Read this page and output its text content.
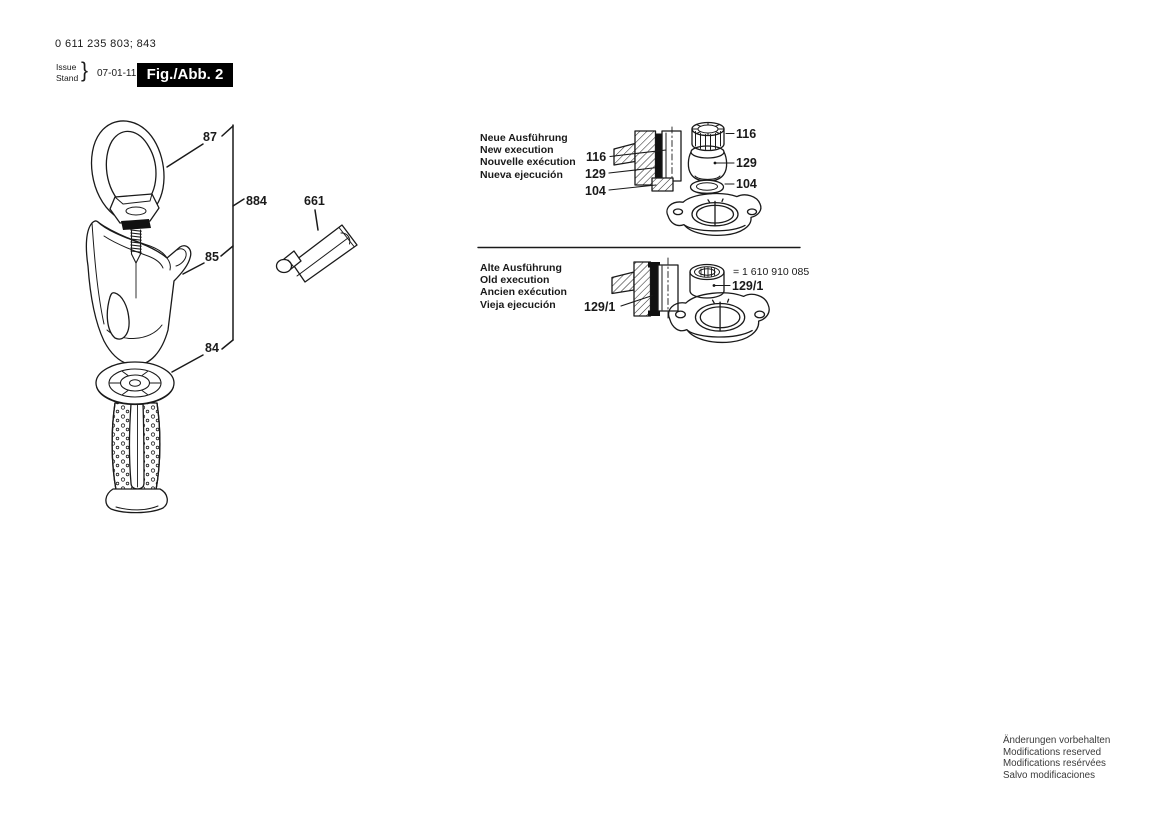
0 611 235 803; 843
Issue
Stand } 07-01-11 Fig./Abb. 2
87
884
85
84
661
Neue Ausführung
New execution
Nouvelle exécution
Nueva ejecución
116
129
104
116
129
104
Alte Ausführung
Old execution
Ancien exécution
Vieja ejecución	129/1
= 1 610 910 085
129/1
Änderungen vorbehalten
Modifications reserved
Modifications resérvées
Salvo modificaciones
